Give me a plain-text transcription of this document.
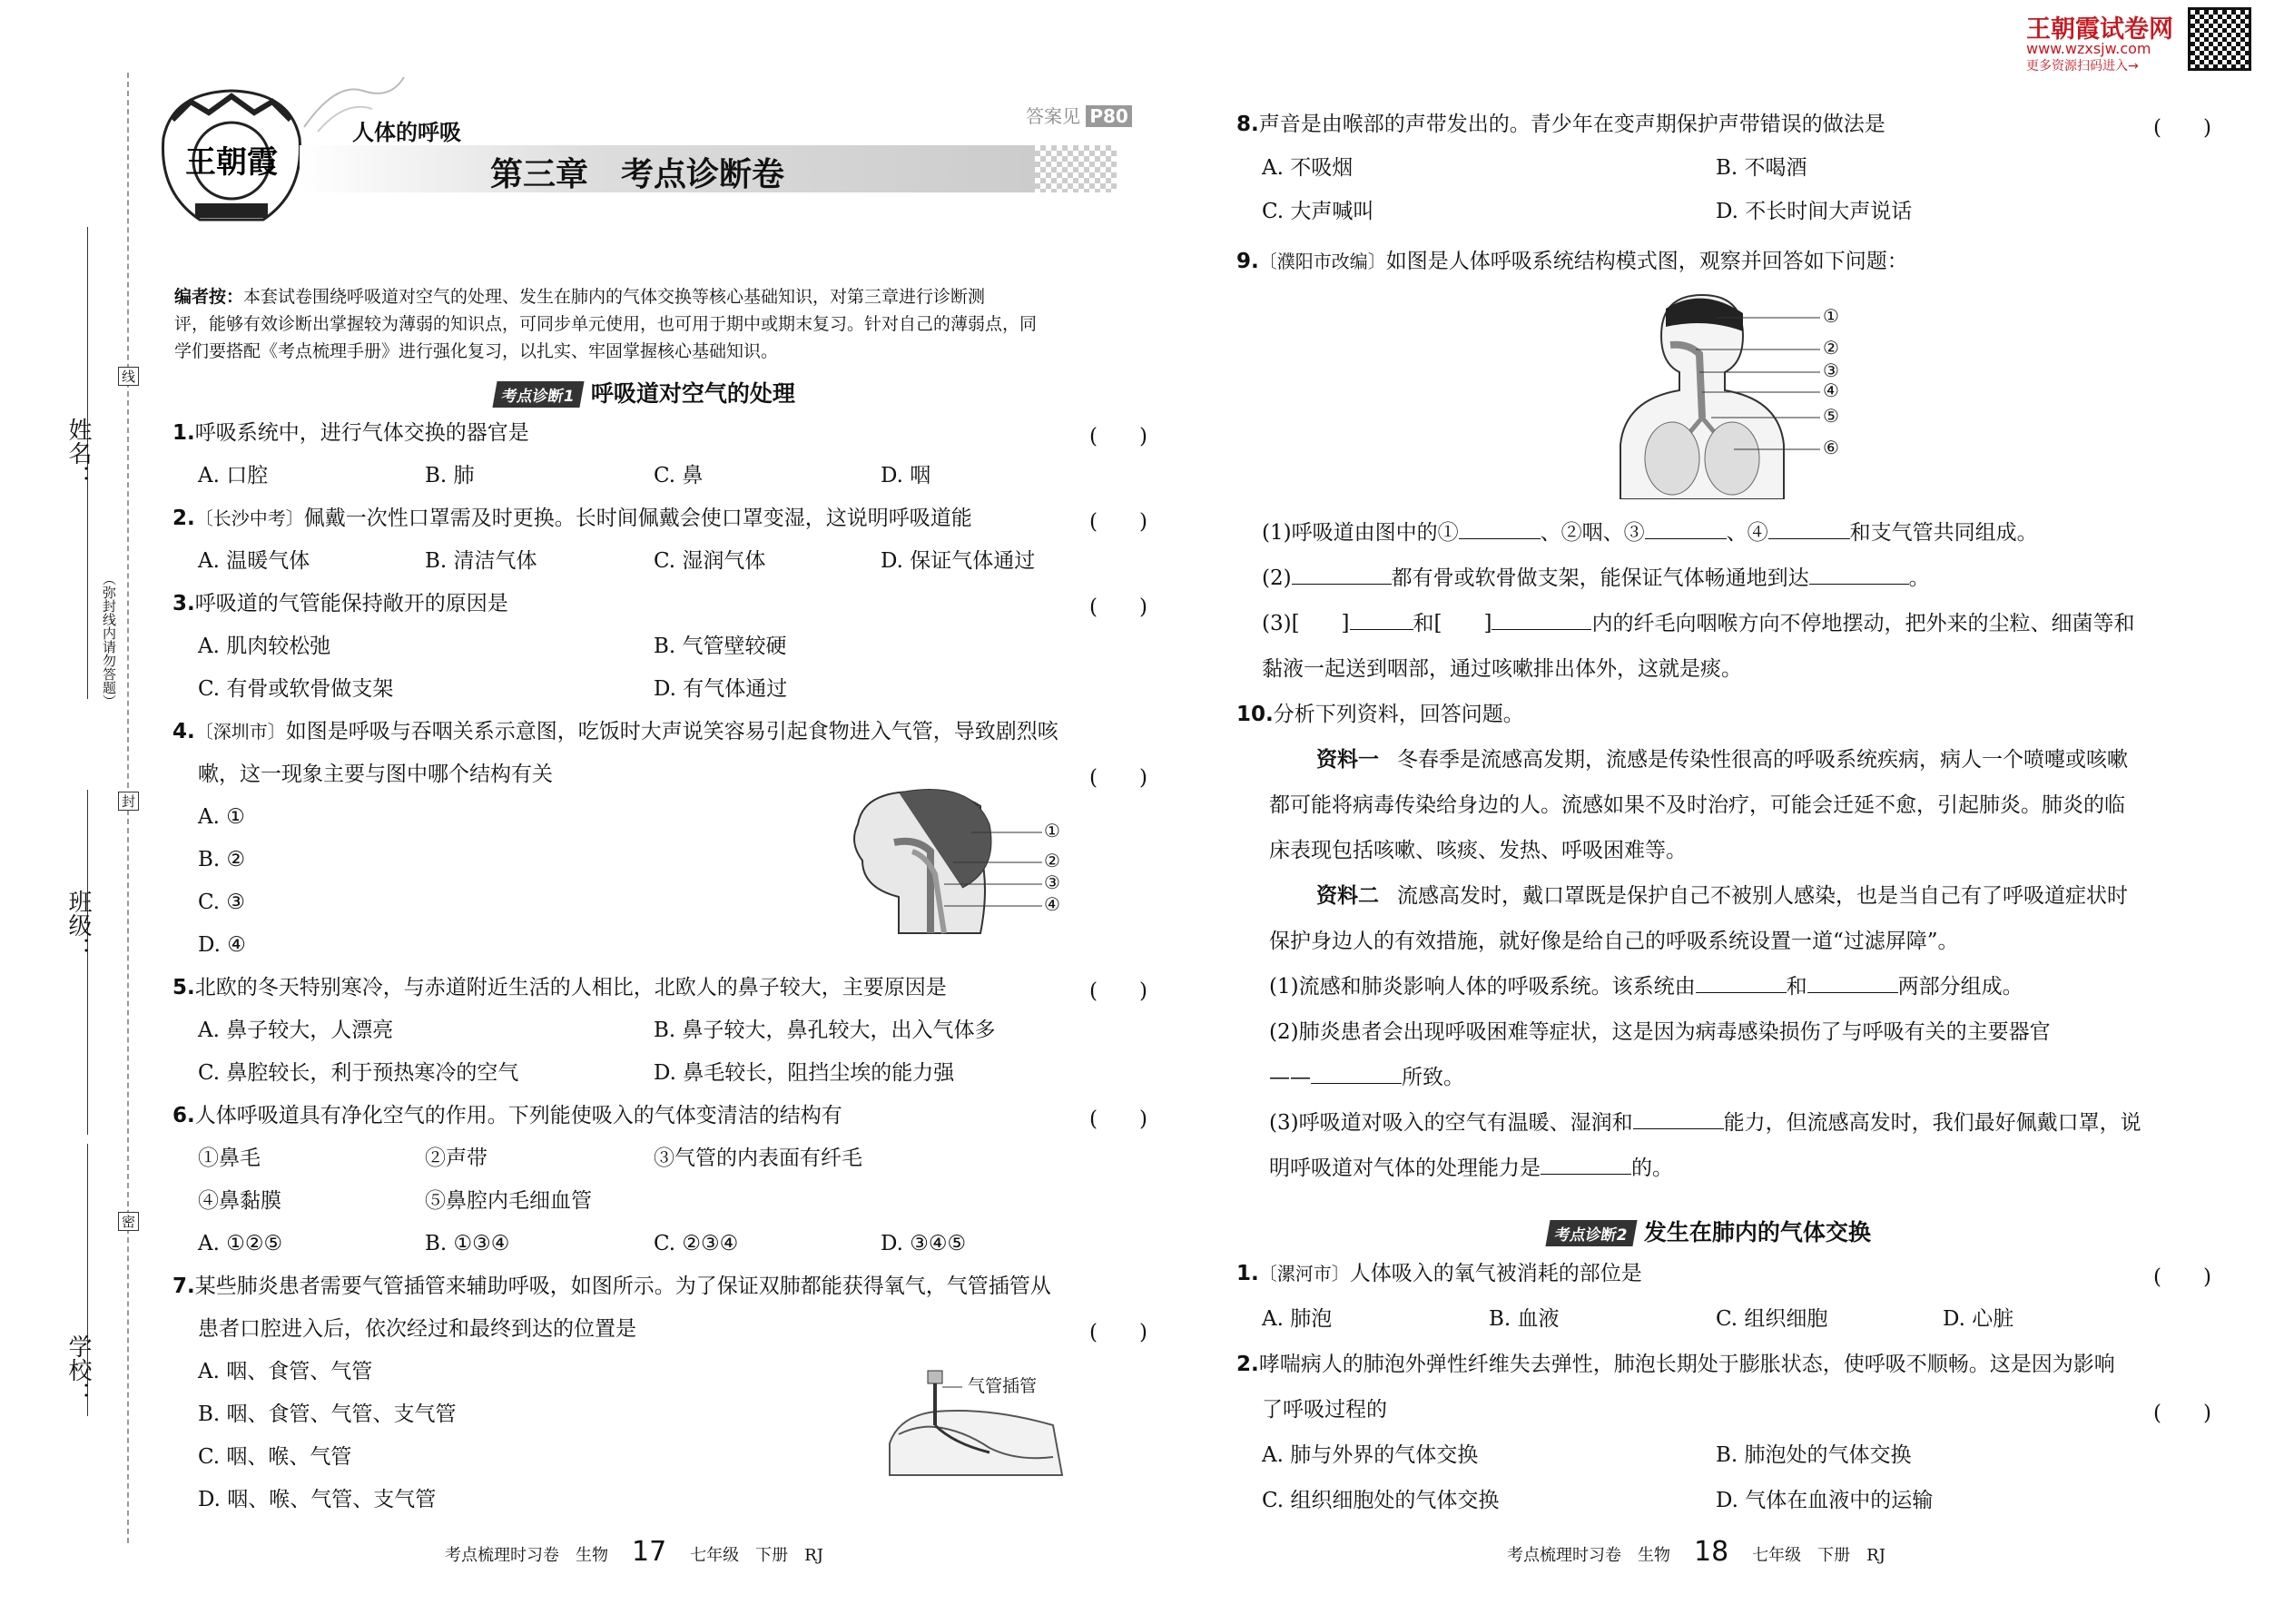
姓名：
班级：
学校：
（弥封线内请勿答题）
线
封
密
王朝霞
人体的呼吸
第三章　考点诊断卷
答案见 P80
王朝霞试卷网
www.wzxsjw.com
更多资源扫码进入→
编者按：本套试卷围绕呼吸道对空气的处理、发生在肺内的气体交换等核心基础知识，对第三章进行诊断测
评，能够有效诊断出掌握较为薄弱的知识点，可同步单元使用，也可用于期中或期末复习。针对自己的薄弱点，同
学们要搭配《考点梳理手册》进行强化复习，以扎实、牢固掌握核心基础知识。
考点诊断1 呼吸道对空气的处理
1.呼吸系统中，进行气体交换的器官是	(　　)
A. 口腔	B. 肺	C. 鼻	D. 咽
2.〔长沙中考〕佩戴一次性口罩需及时更换。长时间佩戴会使口罩变湿，这说明呼吸道能	(　　)
A. 温暖气体	B. 清洁气体	C. 湿润气体	D. 保证气体通过
3.呼吸道的气管能保持敞开的原因是	(　　)
A. 肌肉较松弛	B. 气管壁较硬
C. 有骨或软骨做支架	D. 有气体通过
4.〔深圳市〕如图是呼吸与吞咽关系示意图，吃饭时大声说笑容易引起食物进入气管，导致剧烈咳
嗽，这一现象主要与图中哪个结构有关	(　　)
A. ①
B. ②
C. ③
D. ④
①
②
③
④
5.北欧的冬天特别寒冷，与赤道附近生活的人相比，北欧人的鼻子较大，主要原因是	(　　)
A. 鼻子较大，人漂亮	B. 鼻子较大，鼻孔较大，出入气体多
C. 鼻腔较长，利于预热寒冷的空气	D. 鼻毛较长，阻挡尘埃的能力强
6.人体呼吸道具有净化空气的作用。下列能使吸入的气体变清洁的结构有	(　　)
①鼻毛	②声带	③气管的内表面有纤毛
④鼻黏膜	⑤鼻腔内毛细血管
A. ①②⑤	B. ①③④	C. ②③④	D. ③④⑤
7.某些肺炎患者需要气管插管来辅助呼吸，如图所示。为了保证双肺都能获得氧气，气管插管从
患者口腔进入后，依次经过和最终到达的位置是	(　　)
A. 咽、食管、气管
B. 咽、食管、气管、支气管
C. 咽、喉、气管
D. 咽、喉、气管、支气管
气管插管
8.声音是由喉部的声带发出的。青少年在变声期保护声带错误的做法是	(　　)
A. 不吸烟	B. 不喝酒
C. 大声喊叫	D. 不长时间大声说话
9.〔濮阳市改编〕如图是人体呼吸系统结构模式图，观察并回答如下问题：
①
②
③
④
⑤
⑥
(1)呼吸道由图中的①	、②咽、③	、④	和支气管共同组成。
(2)	都有骨或软骨做支架，能保证气体畅通地到达	。
(3)[　　]	和[　　]	内的纤毛向咽喉方向不停地摆动，把外来的尘粒、细菌等和
黏液一起送到咽部，通过咳嗽排出体外，这就是痰。
10.分析下列资料，回答问题。
资料一 冬春季是流感高发期，流感是传染性很高的呼吸系统疾病，病人一个喷嚏或咳嗽
都可能将病毒传染给身边的人。流感如果不及时治疗，可能会迁延不愈，引起肺炎。肺炎的临
床表现包括咳嗽、咳痰、发热、呼吸困难等。
资料二 流感高发时，戴口罩既是保护自己不被别人感染，也是当自己有了呼吸道症状时
保护身边人的有效措施，就好像是给自己的呼吸系统设置一道“过滤屏障”。
(1)流感和肺炎影响人体的呼吸系统。该系统由	和	两部分组成。
(2)肺炎患者会出现呼吸困难等症状，这是因为病毒感染损伤了与呼吸有关的主要器官
——	所致。
(3)呼吸道对吸入的空气有温暖、湿润和	能力，但流感高发时，我们最好佩戴口罩，说
明呼吸道对气体的处理能力是	的。
考点诊断2 发生在肺内的气体交换
1.〔漯河市〕人体吸入的氧气被消耗的部位是	(　　)
A. 肺泡	B. 血液	C. 组织细胞	D. 心脏
2.哮喘病人的肺泡外弹性纤维失去弹性，肺泡长期处于膨胀状态，使呼吸不顺畅。这是因为影响
了呼吸过程的	(　　)
A. 肺与外界的气体交换	B. 肺泡处的气体交换
C. 组织细胞处的气体交换	D. 气体在血液中的运输
考点梳理时习卷　生物 17 七年级　下册　RJ	考点梳理时习卷　生物 18 七年级　下册　RJ
